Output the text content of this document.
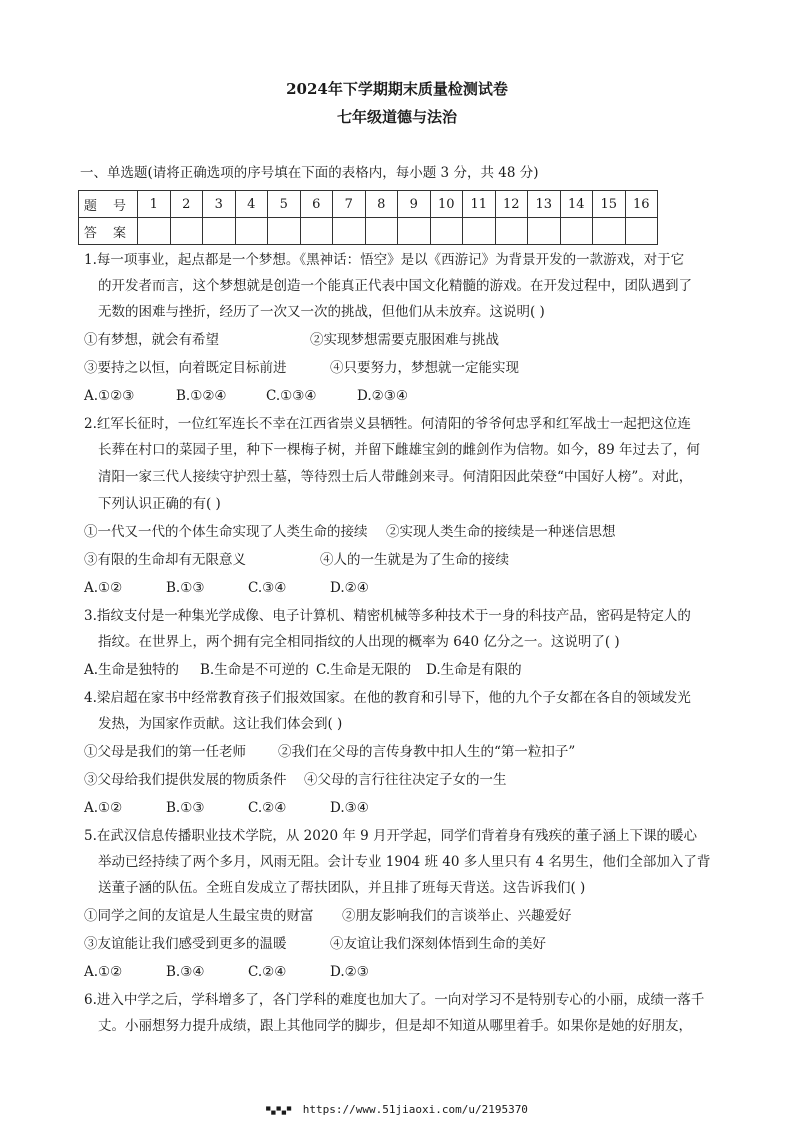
2024年下学期期末质量检测试卷
七年级道德与法治
一、单选题(请将正确选项的序号填在下面的表格内，每小题 3 分，共 48 分)
题 号	1	2	3	4	5	6	7	8	9	10	11	12	13	14	15	16
答 案																
1.每一项事业，起点都是一个梦想。《黑神话：悟空》是以《西游记》为背景开发的一款游戏，对于它
的开发者而言，这个梦想就是创造一个能真正代表中国文化精髓的游戏。在开发过程中，团队遇到了
无数的困难与挫折，经历了一次又一次的挑战，但他们从未放弃。这说明( )
①有梦想，就会有希望	②实现梦想需要克服困难与挑战
③要持之以恒，向着既定目标前进	④只要努力，梦想就一定能实现
A.①②③	B.①②④	C.①③④	D.②③④
2.红军长征时，一位红军连长不幸在江西省崇义县牺牲。何清阳的爷爷何忠孚和红军战士一起把这位连
长葬在村口的菜园子里，种下一棵梅子树，并留下雌雄宝剑的雌剑作为信物。如今，89 年过去了，何
清阳一家三代人接续守护烈士墓，等待烈士后人带雌剑来寻。何清阳因此荣登“中国好人榜”。对此，
下列认识正确的有( )
①一代又一代的个体生命实现了人类生命的接续 ②实现人类生命的接续是一种迷信思想
③有限的生命却有无限意义	④人的一生就是为了生命的接续
A.①②	B.①③	C.③④	D.②④
3.指纹支付是一种集光学成像、电子计算机、精密机械等多种技术于一身的科技产品，密码是特定人的
指纹。在世界上，两个拥有完全相同指纹的人出现的概率为 640 亿分之一。这说明了( )
A.生命是独特的 B.生命是不可逆的 C.生命是无限的 D.生命是有限的
4.梁启超在家书中经常教育孩子们报效国家。在他的教育和引导下，他的九个子女都在各自的领域发光
发热，为国家作贡献。这让我们体会到( )
①父母是我们的第一任老师 ②我们在父母的言传身教中扣人生的“第一粒扣子”
③父母给我们提供发展的物质条件 ④父母的言行往往决定子女的一生
A.①②	B.①③	C.②④	D.③④
5.在武汉信息传播职业技术学院，从 2020 年 9 月开学起，同学们背着身有残疾的董子涵上下课的暖心
举动已经持续了两个多月，风雨无阻。会计专业 1904 班 40 多人里只有 4 名男生，他们全部加入了背
送董子涵的队伍。全班自发成立了帮扶团队，并且排了班每天背送。这告诉我们( )
①同学之间的友谊是人生最宝贵的财富 ②朋友影响我们的言谈举止、兴趣爱好
③友谊能让我们感受到更多的温暖	④友谊让我们深刻体悟到生命的美好
A.①②	B.③④	C.②④	D.②③
6.进入中学之后，学科增多了，各门学科的难度也加大了。一向对学习不是特别专心的小丽，成绩一落千
丈。小丽想努力提升成绩，跟上其他同学的脚步，但是却不知道从哪里着手。如果你是她的好朋友，
▀▄▀▄▀ https://www.51jiaoxi.com/u/2195370
